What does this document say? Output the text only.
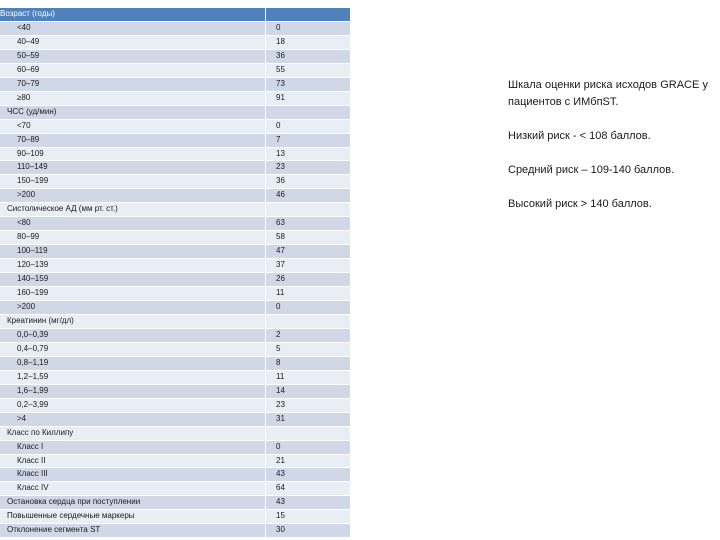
Возраст (годы)	
<40	0
40–49	18
50–59	36
60–69	55
70–79	73
≥80	91
ЧСС (уд/мин)	
<70	0
70–89	7
90–109	13
110–149	23
150–199	36
>200	46
Систолическое АД (мм рт. ст.)	
<80	63
80–99	58
100–119	47
120–139	37
140–159	26
160–199	11
>200	0
Креатинин (мг/дл)	
0,0–0,39	2
0,4–0,79	5
0,8–1,19	8
1,2–1,59	11
1,6–1,99	14
0,2–3,99	23
>4	31
Класс по Киллипу	
Класс I	0
Класс II	21
Класс III	43
Класс IV	64
Остановка сердца при поступлении	43
Повышенные сердечные маркеры	15
Отклонение сегмента ST	30

Шкала оценки риска исходов GRACE у пациентов с ИМбпST.

Низкий риск - < 108 баллов.

Средний риск – 109-140 баллов.

Высокий риск > 140 баллов.
